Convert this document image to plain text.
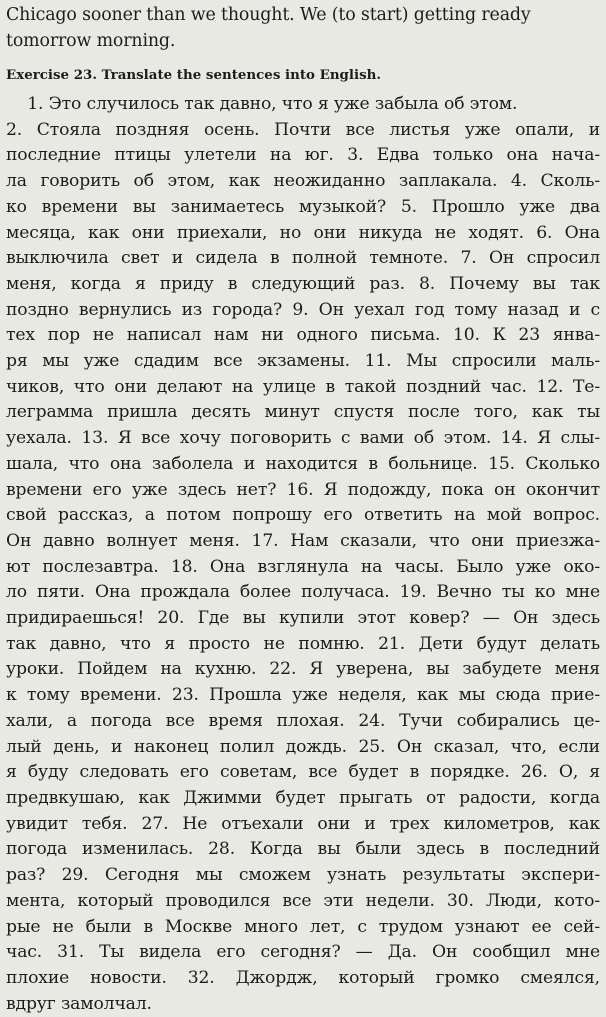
Chicago sooner than we thought. We (to start) getting ready
tomorrow morning.
Exercise 23. Translate the sentences into English.
1. Это случилось так давно, что я уже забыла об этом.
2. Стояла поздняя осень. Почти все листья уже опали, и
последние птицы улетели на юг. 3. Едва только она нача-
ла говорить об этом, как неожиданно заплакала. 4. Сколь-
ко времени вы занимаетесь музыкой? 5. Прошло уже два
месяца, как они приехали, но они никуда не ходят. 6. Она
выключила свет и сидела в полной темноте. 7. Он спросил
меня, когда я приду в следующий раз. 8. Почему вы так
поздно вернулись из города? 9. Он уехал год тому назад и с
тех пор не написал нам ни одного письма. 10. К 23 янва-
ря мы уже сдадим все экзамены. 11. Мы спросили маль-
чиков, что они делают на улице в такой поздний час. 12. Те-
леграмма пришла десять минут спустя после того, как ты
уехала. 13. Я все хочу поговорить с вами об этом. 14. Я слы-
шала, что она заболела и находится в больнице. 15. Сколько
времени его уже здесь нет? 16. Я подожду, пока он окончит
свой рассказ, а потом попрошу его ответить на мой вопрос.
Он давно волнует меня. 17. Нам сказали, что они приезжа-
ют послезавтра. 18. Она взглянула на часы. Было уже око-
ло пяти. Она прождала более получаса. 19. Вечно ты ко мне
придираешься! 20. Где вы купили этот ковер? — Он здесь
так давно, что я просто не помню. 21. Дети будут делать
уроки. Пойдем на кухню. 22. Я уверена, вы забудете меня
к тому времени. 23. Прошла уже неделя, как мы сюда прие-
хали, а погода все время плохая. 24. Тучи собирались це-
лый день, и наконец полил дождь. 25. Он сказал, что, если
я буду следовать его советам, все будет в порядке. 26. О, я
предвкушаю, как Джимми будет прыгать от радости, когда
увидит тебя. 27. Не отъехали они и трех километров, как
погода изменилась. 28. Когда вы были здесь в последний
раз? 29. Сегодня мы сможем узнать результаты экспери-
мента, который проводился все эти недели. 30. Люди, кото-
рые не были в Москве много лет, с трудом узнают ее сей-
час. 31. Ты видела его сегодня? — Да. Он сообщил мне
плохие новости. 32. Джордж, который громко смеялся,
вдруг замолчал.
